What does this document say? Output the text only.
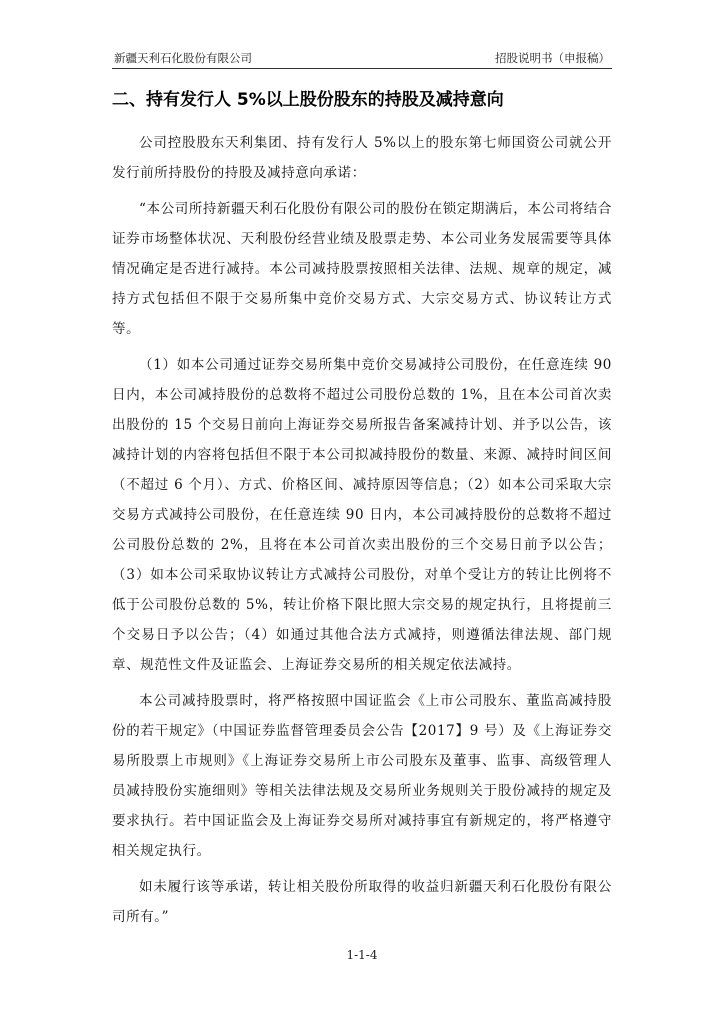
新疆天利石化股份有限公司	招股说明书（申报稿）
二、持有发行人 5%以上股份股东的持股及减持意向

公司控股股东天利集团、持有发行人 5%以上的股东第七师国资公司就公开发行前所持股份的持股及减持意向承诺：

“本公司所持新疆天利石化股份有限公司的股份在锁定期满后，本公司将结合证券市场整体状况、天利股份经营业绩及股票走势、本公司业务发展需要等具体情况确定是否进行减持。本公司减持股票按照相关法律、法规、规章的规定，减持方式包括但不限于交易所集中竞价交易方式、大宗交易方式、协议转让方式等。

（1）如本公司通过证券交易所集中竞价交易减持公司股份，在任意连续 90 日内，本公司减持股份的总数将不超过公司股份总数的 1%，且在本公司首次卖出股份的 15 个交易日前向上海证券交易所报告备案减持计划、并予以公告，该减持计划的内容将包括但不限于本公司拟减持股份的数量、来源、减持时间区间（不超过 6 个月）、方式、价格区间、减持原因等信息；（2）如本公司采取大宗交易方式减持公司股份，在任意连续 90 日内，本公司减持股份的总数将不超过公司股份总数的 2%，且将在本公司首次卖出股份的三个交易日前予以公告；（3）如本公司采取协议转让方式减持公司股份，对单个受让方的转让比例将不低于公司股份总数的 5%，转让价格下限比照大宗交易的规定执行，且将提前三个交易日予以公告；（4）如通过其他合法方式减持，则遵循法律法规、部门规章、规范性文件及证监会、上海证券交易所的相关规定依法减持。

本公司减持股票时，将严格按照中国证监会《上市公司股东、董监高减持股份的若干规定》（中国证券监督管理委员会公告【2017】9 号）及《上海证券交易所股票上市规则》《上海证券交易所上市公司股东及董事、监事、高级管理人员减持股份实施细则》等相关法律法规及交易所业务规则关于股份减持的规定及要求执行。若中国证监会及上海证券交易所对减持事宜有新规定的，将严格遵守相关规定执行。

如未履行该等承诺，转让相关股份所取得的收益归新疆天利石化股份有限公司所有。”

1-1-4
